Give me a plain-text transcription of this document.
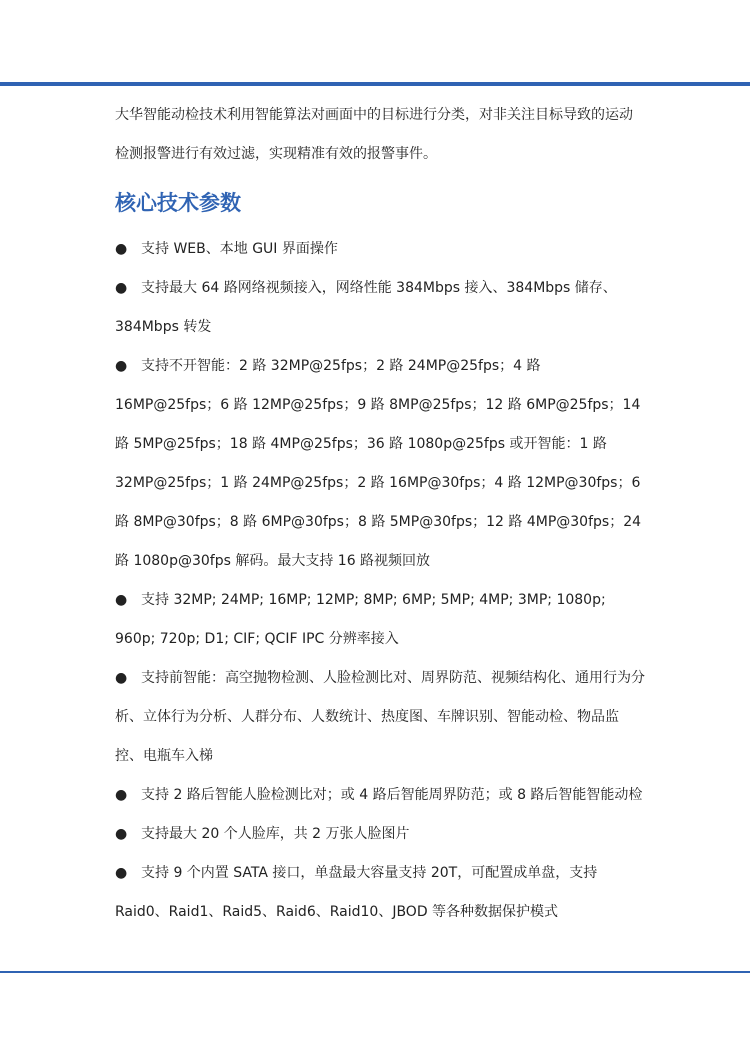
大华智能动检技术利用智能算法对画面中的目标进行分类，对非关注目标导致的运动检测报警进行有效过滤，实现精准有效的报警事件。

核心技术参数
● 支持 WEB、本地 GUI 界面操作
● 支持最大 64 路网络视频接入，网络性能 384Mbps 接入、384Mbps 储存、384Mbps 转发
● 支持不开智能：2 路 32MP@25fps；2 路 24MP@25fps；4 路 16MP@25fps；6 路 12MP@25fps；9 路 8MP@25fps；12 路 6MP@25fps；14 路 5MP@25fps；18 路 4MP@25fps；36 路 1080p@25fps 或开智能：1 路 32MP@25fps；1 路 24MP@25fps；2 路 16MP@30fps；4 路 12MP@30fps；6 路 8MP@30fps；8 路 6MP@30fps；8 路 5MP@30fps；12 路 4MP@30fps；24 路 1080p@30fps 解码。最大支持 16 路视频回放
● 支持 32MP; 24MP; 16MP; 12MP; 8MP; 6MP; 5MP; 4MP; 3MP; 1080p; 960p; 720p; D1; CIF; QCIF IPC 分辨率接入
● 支持前智能：高空抛物检测、人脸检测比对、周界防范、视频结构化、通用行为分析、立体行为分析、人群分布、人数统计、热度图、车牌识别、智能动检、物品监控、电瓶车入梯
● 支持 2 路后智能人脸检测比对；或 4 路后智能周界防范；或 8 路后智能智能动检
● 支持最大 20 个人脸库，共 2 万张人脸图片
● 支持 9 个内置 SATA 接口，单盘最大容量支持 20T，可配置成单盘，支持 Raid0、Raid1、Raid5、Raid6、Raid10、JBOD 等各种数据保护模式
